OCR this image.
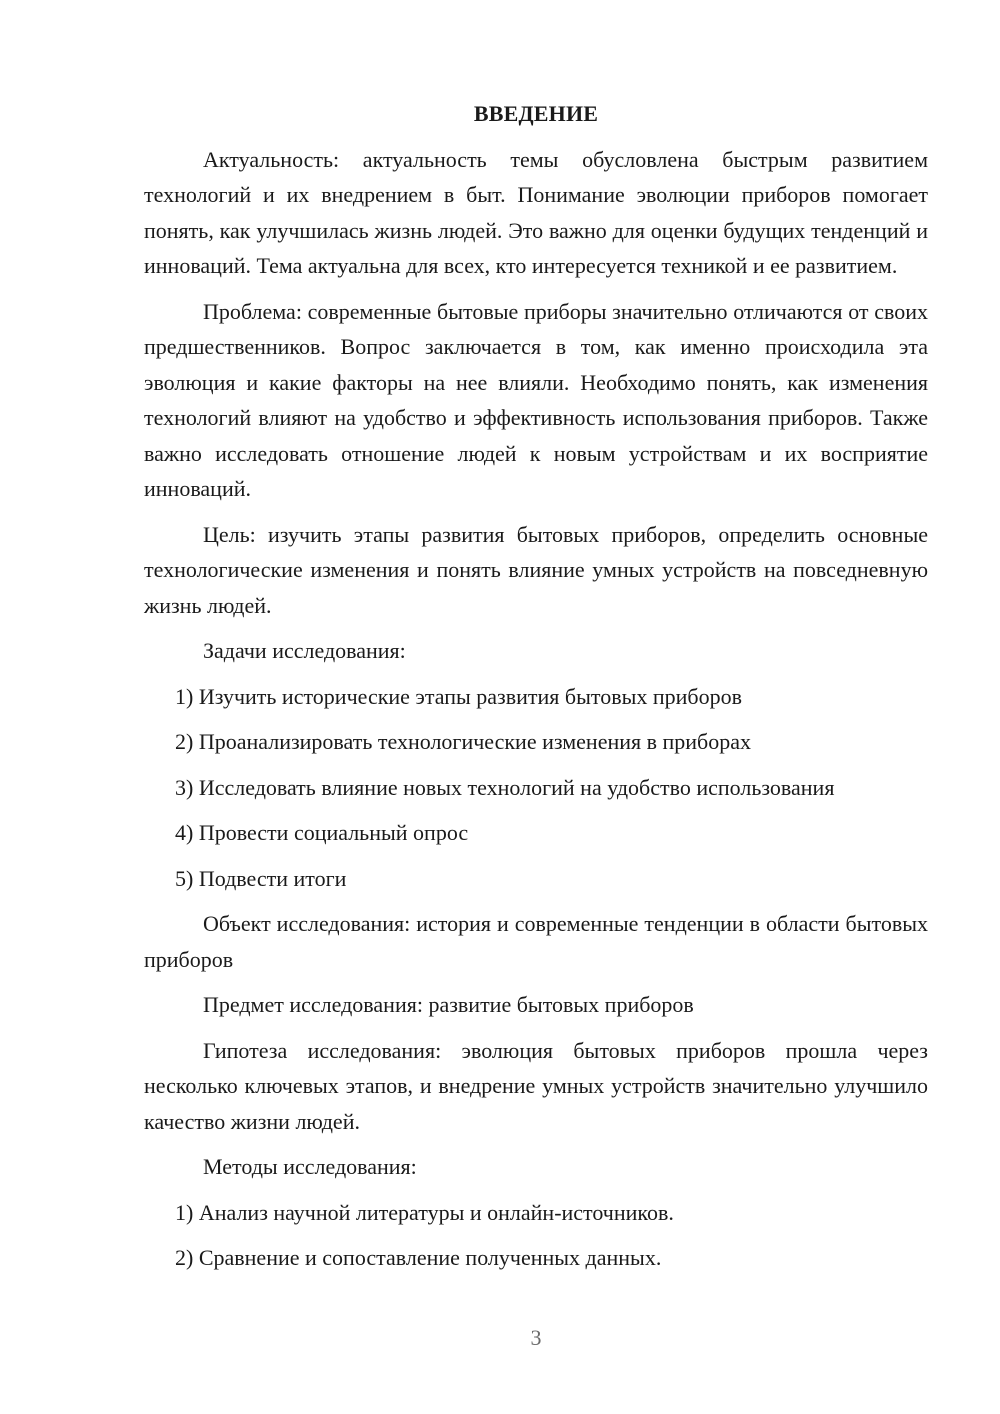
ВВЕДЕНИЕ

Актуальность: актуальность темы обусловлена быстрым развитием технологий и их внедрением в быт. Понимание эволюции приборов помогает понять, как улучшилась жизнь людей. Это важно для оценки будущих тенденций и инноваций. Тема актуальна для всех, кто интересуется техникой и ее развитием.

Проблема: современные бытовые приборы значительно отличаются от своих предшественников. Вопрос заключается в том, как именно происходила эта эволюция и какие факторы на нее влияли. Необходимо понять, как изменения технологий влияют на удобство и эффективность использования приборов. Также важно исследовать отношение людей к новым устройствам и их восприятие инноваций.

Цель: изучить этапы развития бытовых приборов, определить основные технологические изменения и понять влияние умных устройств на повседневную жизнь людей.

Задачи исследования:

1) Изучить исторические этапы развития бытовых приборов
2) Проанализировать технологические изменения в приборах
3) Исследовать влияние новых технологий на удобство использования
4) Провести социальный опрос
5) Подвести итоги

Объект исследования: история и современные тенденции в области бытовых приборов

Предмет исследования: развитие бытовых приборов

Гипотеза исследования: эволюция бытовых приборов прошла через несколько ключевых этапов, и внедрение умных устройств значительно улучшило качество жизни людей.

Методы исследования:

1) Анализ научной литературы и онлайн-источников.
2) Сравнение и сопоставление полученных данных.
3
